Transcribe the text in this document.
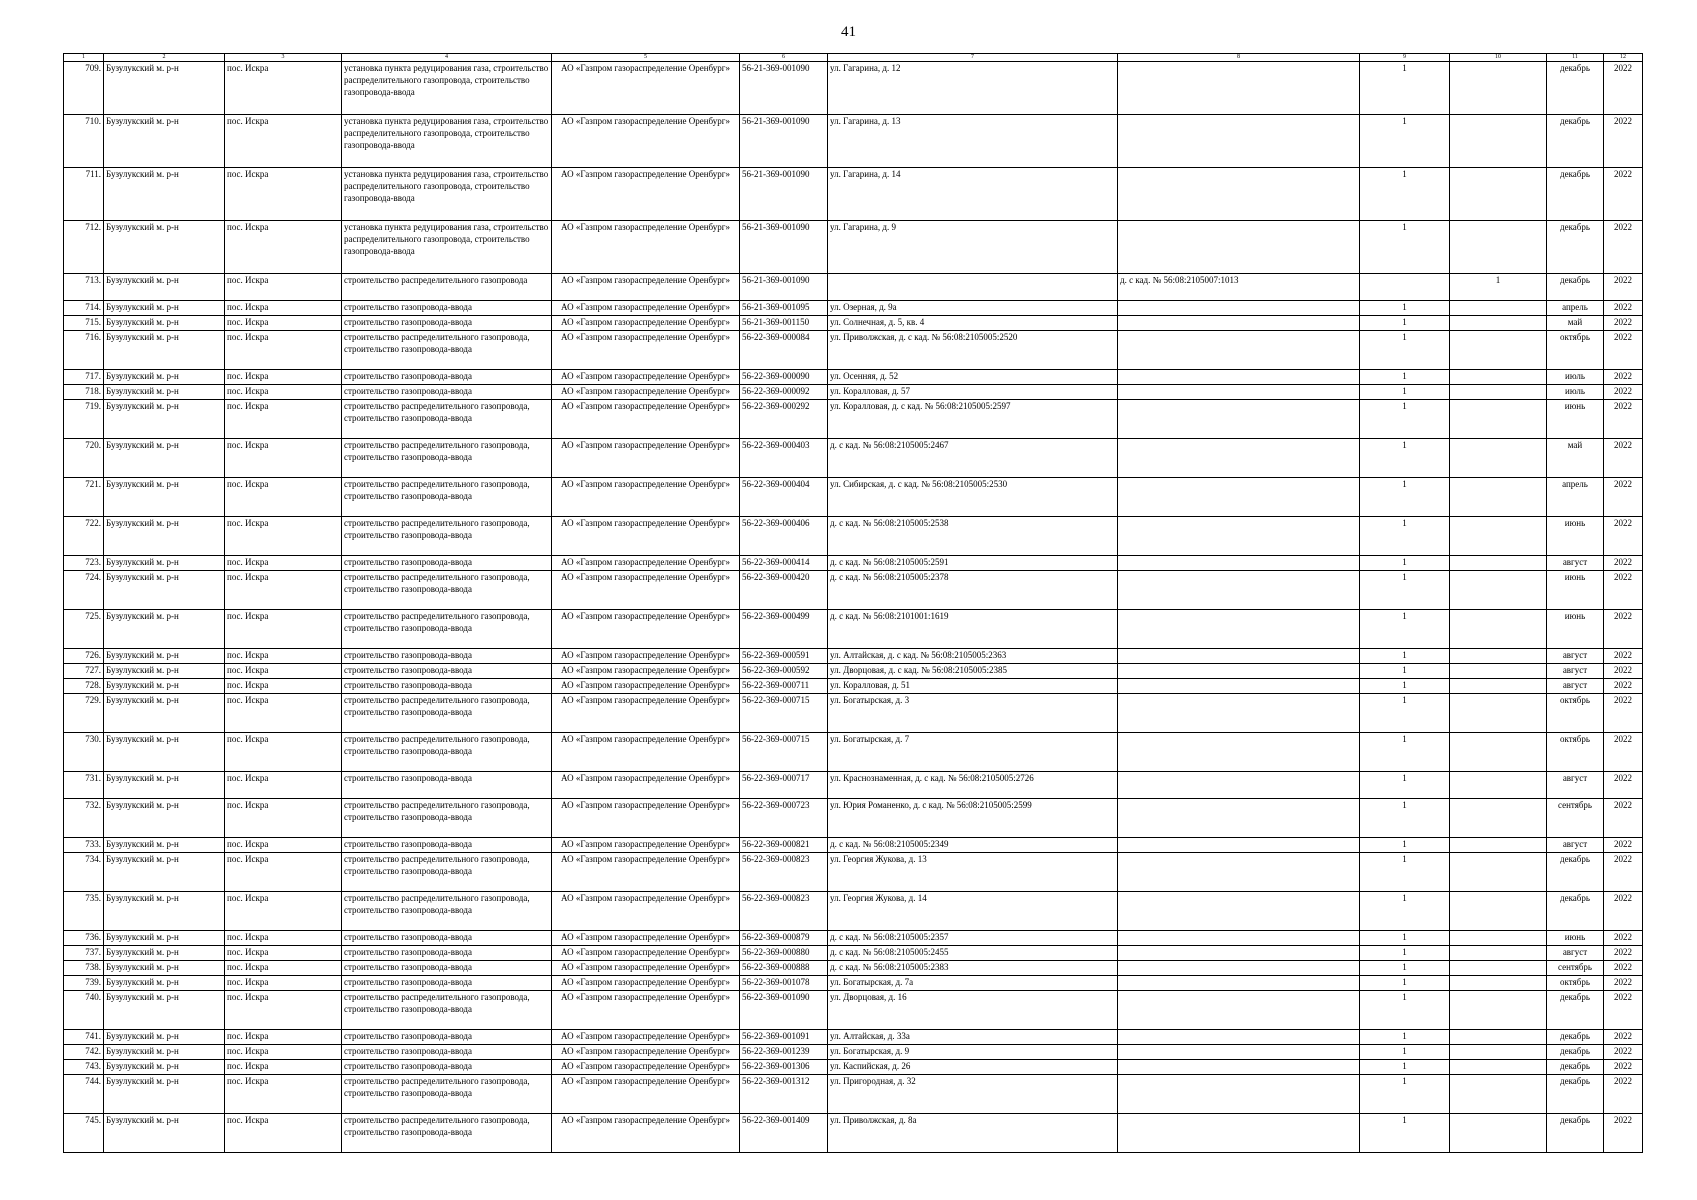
41
1	2	3	4	5	6	7	8	9	10	11	12
709.	Бузулукский м. р-н	пос. Искра	установка пункта редуцирования газа, строительство распределительного газопровода, строительство газопровода-ввода	АО «Газпром газораспределение Оренбург»	56-21-369-001090	ул. Гагарина, д. 12		1		декабрь	2022
710.	Бузулукский м. р-н	пос. Искра	установка пункта редуцирования газа, строительство распределительного газопровода, строительство газопровода-ввода	АО «Газпром газораспределение Оренбург»	56-21-369-001090	ул. Гагарина, д. 13		1		декабрь	2022
711.	Бузулукский м. р-н	пос. Искра	установка пункта редуцирования газа, строительство распределительного газопровода, строительство газопровода-ввода	АО «Газпром газораспределение Оренбург»	56-21-369-001090	ул. Гагарина, д. 14		1		декабрь	2022
712.	Бузулукский м. р-н	пос. Искра	установка пункта редуцирования газа, строительство распределительного газопровода, строительство газопровода-ввода	АО «Газпром газораспределение Оренбург»	56-21-369-001090	ул. Гагарина, д. 9		1		декабрь	2022
713.	Бузулукский м. р-н	пос. Искра	строительство распределительного газопровода	АО «Газпром газораспределение Оренбург»	56-21-369-001090		д. с кад. № 56:08:2105007:1013		1	декабрь	2022
714.	Бузулукский м. р-н	пос. Искра	строительство газопровода-ввода	АО «Газпром газораспределение Оренбург»	56-21-369-001095	ул. Озерная, д. 9а		1		апрель	2022
715.	Бузулукский м. р-н	пос. Искра	строительство газопровода-ввода	АО «Газпром газораспределение Оренбург»	56-21-369-001150	ул. Солнечная, д. 5, кв. 4		1		май	2022
716.	Бузулукский м. р-н	пос. Искра	строительство распределительного газопровода, строительство газопровода-ввода	АО «Газпром газораспределение Оренбург»	56-22-369-000084	ул. Приволжская, д. с кад. № 56:08:2105005:2520		1		октябрь	2022
717.	Бузулукский м. р-н	пос. Искра	строительство газопровода-ввода	АО «Газпром газораспределение Оренбург»	56-22-369-000090	ул. Осенняя, д. 52		1		июль	2022
718.	Бузулукский м. р-н	пос. Искра	строительство газопровода-ввода	АО «Газпром газораспределение Оренбург»	56-22-369-000092	ул. Коралловая, д. 57		1		июль	2022
719.	Бузулукский м. р-н	пос. Искра	строительство распределительного газопровода, строительство газопровода-ввода	АО «Газпром газораспределение Оренбург»	56-22-369-000292	ул. Коралловая, д. с кад. № 56:08:2105005:2597		1		июнь	2022
720.	Бузулукский м. р-н	пос. Искра	строительство распределительного газопровода, строительство газопровода-ввода	АО «Газпром газораспределение Оренбург»	56-22-369-000403	д. с кад. № 56:08:2105005:2467		1		май	2022
721.	Бузулукский м. р-н	пос. Искра	строительство распределительного газопровода, строительство газопровода-ввода	АО «Газпром газораспределение Оренбург»	56-22-369-000404	ул. Сибирская, д. с кад. № 56:08:2105005:2530		1		апрель	2022
722.	Бузулукский м. р-н	пос. Искра	строительство распределительного газопровода, строительство газопровода-ввода	АО «Газпром газораспределение Оренбург»	56-22-369-000406	д. с кад. № 56:08:2105005:2538		1		июнь	2022
723.	Бузулукский м. р-н	пос. Искра	строительство газопровода-ввода	АО «Газпром газораспределение Оренбург»	56-22-369-000414	д. с кад. № 56:08:2105005:2591		1		август	2022
724.	Бузулукский м. р-н	пос. Искра	строительство распределительного газопровода, строительство газопровода-ввода	АО «Газпром газораспределение Оренбург»	56-22-369-000420	д. с кад. № 56:08:2105005:2378		1		июнь	2022
725.	Бузулукский м. р-н	пос. Искра	строительство распределительного газопровода, строительство газопровода-ввода	АО «Газпром газораспределение Оренбург»	56-22-369-000499	д. с кад. № 56:08:2101001:1619		1		июнь	2022
726.	Бузулукский м. р-н	пос. Искра	строительство газопровода-ввода	АО «Газпром газораспределение Оренбург»	56-22-369-000591	ул. Алтайская, д. с кад. № 56:08:2105005:2363		1		август	2022
727.	Бузулукский м. р-н	пос. Искра	строительство газопровода-ввода	АО «Газпром газораспределение Оренбург»	56-22-369-000592	ул. Дворцовая, д. с кад. № 56:08:2105005:2385		1		август	2022
728.	Бузулукский м. р-н	пос. Искра	строительство газопровода-ввода	АО «Газпром газораспределение Оренбург»	56-22-369-000711	ул. Коралловая, д. 51		1		август	2022
729.	Бузулукский м. р-н	пос. Искра	строительство распределительного газопровода, строительство газопровода-ввода	АО «Газпром газораспределение Оренбург»	56-22-369-000715	ул. Богатырская, д. 3		1		октябрь	2022
730.	Бузулукский м. р-н	пос. Искра	строительство распределительного газопровода, строительство газопровода-ввода	АО «Газпром газораспределение Оренбург»	56-22-369-000715	ул. Богатырская, д. 7		1		октябрь	2022
731.	Бузулукский м. р-н	пос. Искра	строительство газопровода-ввода	АО «Газпром газораспределение Оренбург»	56-22-369-000717	ул. Краснознаменная, д. с кад. № 56:08:2105005:2726		1		август	2022
732.	Бузулукский м. р-н	пос. Искра	строительство распределительного газопровода, строительство газопровода-ввода	АО «Газпром газораспределение Оренбург»	56-22-369-000723	ул. Юрия Романенко, д. с кад. № 56:08:2105005:2599		1		сентябрь	2022
733.	Бузулукский м. р-н	пос. Искра	строительство газопровода-ввода	АО «Газпром газораспределение Оренбург»	56-22-369-000821	д. с кад. № 56:08:2105005:2349		1		август	2022
734.	Бузулукский м. р-н	пос. Искра	строительство распределительного газопровода, строительство газопровода-ввода	АО «Газпром газораспределение Оренбург»	56-22-369-000823	ул. Георгия Жукова, д. 13		1		декабрь	2022
735.	Бузулукский м. р-н	пос. Искра	строительство распределительного газопровода, строительство газопровода-ввода	АО «Газпром газораспределение Оренбург»	56-22-369-000823	ул. Георгия Жукова, д. 14		1		декабрь	2022
736.	Бузулукский м. р-н	пос. Искра	строительство газопровода-ввода	АО «Газпром газораспределение Оренбург»	56-22-369-000879	д. с кад. № 56:08:2105005:2357		1		июнь	2022
737.	Бузулукский м. р-н	пос. Искра	строительство газопровода-ввода	АО «Газпром газораспределение Оренбург»	56-22-369-000880	д. с кад. № 56:08:2105005:2455		1		август	2022
738.	Бузулукский м. р-н	пос. Искра	строительство газопровода-ввода	АО «Газпром газораспределение Оренбург»	56-22-369-000888	д. с кад. № 56:08:2105005:2383		1		сентябрь	2022
739.	Бузулукский м. р-н	пос. Искра	строительство газопровода-ввода	АО «Газпром газораспределение Оренбург»	56-22-369-001078	ул. Богатырская, д. 7а		1		октябрь	2022
740.	Бузулукский м. р-н	пос. Искра	строительство распределительного газопровода, строительство газопровода-ввода	АО «Газпром газораспределение Оренбург»	56-22-369-001090	ул. Дворцовая, д. 16		1		декабрь	2022
741.	Бузулукский м. р-н	пос. Искра	строительство газопровода-ввода	АО «Газпром газораспределение Оренбург»	56-22-369-001091	ул. Алтайская, д. 33а		1		декабрь	2022
742.	Бузулукский м. р-н	пос. Искра	строительство газопровода-ввода	АО «Газпром газораспределение Оренбург»	56-22-369-001239	ул. Богатырская, д. 9		1		декабрь	2022
743.	Бузулукский м. р-н	пос. Искра	строительство газопровода-ввода	АО «Газпром газораспределение Оренбург»	56-22-369-001306	ул. Каспийская, д. 26		1		декабрь	2022
744.	Бузулукский м. р-н	пос. Искра	строительство распределительного газопровода, строительство газопровода-ввода	АО «Газпром газораспределение Оренбург»	56-22-369-001312	ул. Пригородная, д. 32		1		декабрь	2022
745.	Бузулукский м. р-н	пос. Искра	строительство распределительного газопровода, строительство газопровода-ввода	АО «Газпром газораспределение Оренбург»	56-22-369-001409	ул. Приволжская, д. 8а		1		декабрь	2022
